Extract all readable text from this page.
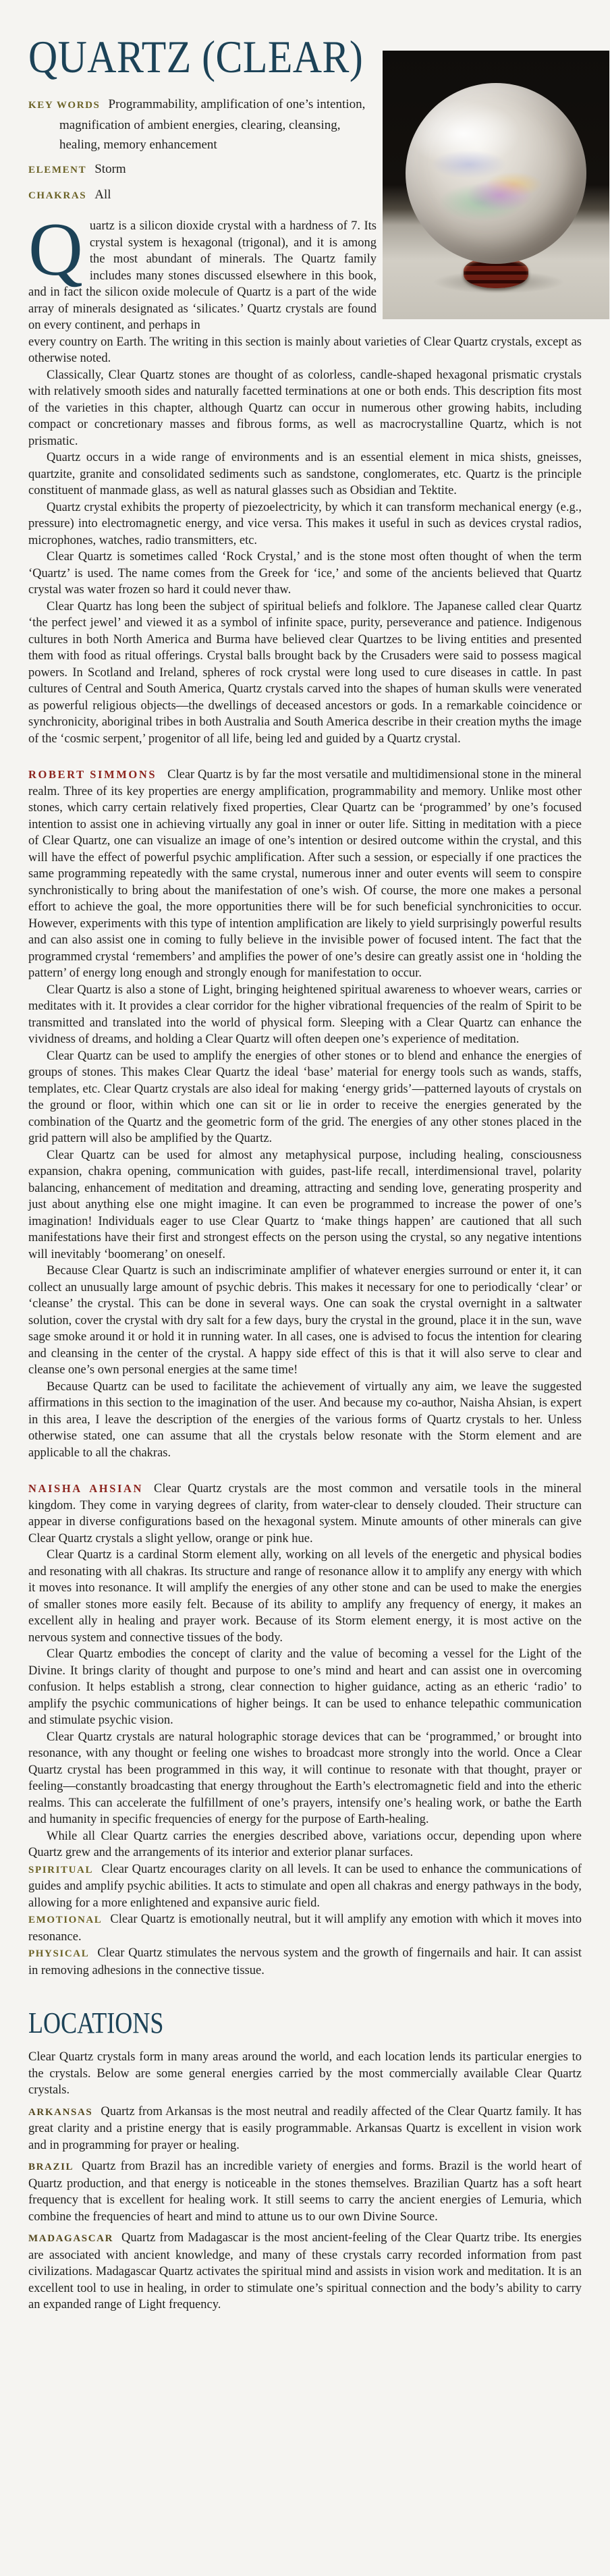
QUARTZ (CLEAR)
KEY WORDS Programmability, amplification of one’s intention, magnification of ambient energies, clearing, cleansing, healing, memory enhancement
ELEMENT Storm
CHAKRAS All

Quartz is a silicon dioxide crystal with a hardness of 7. Its crystal system is hexagonal (trigonal), and it is among the most abundant of minerals. The Quartz family includes many stones discussed elsewhere in this book, and in fact the silicon oxide molecule of Quartz is a part of the wide array of minerals designated as ‘silicates.’ Quartz crystals are found on every continent, and perhaps in

every country on Earth. The writing in this section is mainly about varieties of Clear Quartz crystals, except as otherwise noted.

Classically, Clear Quartz stones are thought of as colorless, candle-shaped hexagonal prismatic crystals with relatively smooth sides and naturally facetted terminations at one or both ends. This description fits most of the varieties in this chapter, although Quartz can occur in numerous other growing habits, including compact or concretionary masses and fibrous forms, as well as macrocrystalline Quartz, which is not prismatic.

Quartz occurs in a wide range of environments and is an essential element in mica shists, gneisses, quartzite, granite and consolidated sediments such as sandstone, conglomerates, etc. Quartz is the principle constituent of manmade glass, as well as natural glasses such as Obsidian and Tektite.

Quartz crystal exhibits the property of piezoelectricity, by which it can transform mechanical energy (e.g., pressure) into electromagnetic energy, and vice versa. This makes it useful in such as devices crystal radios, microphones, watches, radio transmitters, etc.

Clear Quartz is sometimes called ‘Rock Crystal,’ and is the stone most often thought of when the term ‘Quartz’ is used. The name comes from the Greek for ‘ice,’ and some of the ancients believed that Quartz crystal was water frozen so hard it could never thaw.

Clear Quartz has long been the subject of spiritual beliefs and folklore. The Japanese called clear Quartz ‘the perfect jewel’ and viewed it as a symbol of infinite space, purity, perseverance and patience. Indigenous cultures in both North America and Burma have believed clear Quartzes to be living entities and presented them with food as ritual offerings. Crystal balls brought back by the Crusaders were said to possess magical powers. In Scotland and Ireland, spheres of rock crystal were long used to cure diseases in cattle. In past cultures of Central and South America, Quartz crystals carved into the shapes of human skulls were venerated as powerful religious objects—the dwellings of deceased ancestors or gods. In a remarkable coincidence or synchronicity, aboriginal tribes in both Australia and South America describe in their creation myths the image of the ‘cosmic serpent,’ progenitor of all life, being led and guided by a Quartz crystal.

ROBERT SIMMONS Clear Quartz is by far the most versatile and multidimensional stone in the mineral realm. Three of its key properties are energy amplification, programmability and memory. Unlike most other stones, which carry certain relatively fixed properties, Clear Quartz can be ‘programmed’ by one’s focused intention to assist one in achieving virtually any goal in inner or outer life. Sitting in meditation with a piece of Clear Quartz, one can visualize an image of one’s intention or desired outcome within the crystal, and this will have the effect of powerful psychic amplification. After such a session, or especially if one practices the same programming repeatedly with the same crystal, numerous inner and outer events will seem to conspire synchronistically to bring about the manifestation of one’s wish. Of course, the more one makes a personal effort to achieve the goal, the more opportunities there will be for such beneficial synchronicities to occur. However, experiments with this type of intention amplification are likely to yield surprisingly powerful results and can also assist one in coming to fully believe in the invisible power of focused intent. The fact that the programmed crystal ‘remembers’ and amplifies the power of one’s desire can greatly assist one in ‘holding the pattern’ of energy long enough and strongly enough for manifestation to occur.

Clear Quartz is also a stone of Light, bringing heightened spiritual awareness to whoever wears, carries or meditates with it. It provides a clear corridor for the higher vibrational frequencies of the realm of Spirit to be transmitted and translated into the world of physical form. Sleeping with a Clear Quartz can enhance the vividness of dreams, and holding a Clear Quartz will often deepen one’s experience of meditation.

Clear Quartz can be used to amplify the energies of other stones or to blend and enhance the energies of groups of stones. This makes Clear Quartz the ideal ‘base’ material for energy tools such as wands, staffs, templates, etc. Clear Quartz crystals are also ideal for making ‘energy grids’—patterned layouts of crystals on the ground or floor, within which one can sit or lie in order to receive the energies generated by the combination of the Quartz and the geometric form of the grid. The energies of any other stones placed in the grid pattern will also be amplified by the Quartz.

Clear Quartz can be used for almost any metaphysical purpose, including healing, consciousness expansion, chakra opening, communication with guides, past-life recall, interdimensional travel, polarity balancing, enhancement of meditation and dreaming, attracting and sending love, generating prosperity and just about anything else one might imagine. It can even be programmed to increase the power of one’s imagination! Individuals eager to use Clear Quartz to ‘make things happen’ are cautioned that all such manifestations have their first and strongest effects on the person using the crystal, so any negative intentions will inevitably ‘boomerang’ on oneself.

Because Clear Quartz is such an indiscriminate amplifier of whatever energies surround or enter it, it can collect an unusually large amount of psychic debris. This makes it necessary for one to periodically ‘clear’ or ‘cleanse’ the crystal. This can be done in several ways. One can soak the crystal overnight in a saltwater solution, cover the crystal with dry salt for a few days, bury the crystal in the ground, place it in the sun, wave sage smoke around it or hold it in running water. In all cases, one is advised to focus the intention for clearing and cleansing in the center of the crystal. A happy side effect of this is that it will also serve to clear and cleanse one’s own personal energies at the same time!

Because Quartz can be used to facilitate the achievement of virtually any aim, we leave the suggested affirmations in this section to the imagination of the user. And because my co-author, Naisha Ahsian, is expert in this area, I leave the description of the energies of the various forms of Quartz crystals to her. Unless otherwise stated, one can assume that all the crystals below resonate with the Storm element and are applicable to all the chakras.

NAISHA AHSIAN Clear Quartz crystals are the most common and versatile tools in the mineral kingdom. They come in varying degrees of clarity, from water-clear to densely clouded. Their structure can appear in diverse configurations based on the hexagonal system. Minute amounts of other minerals can give Clear Quartz crystals a slight yellow, orange or pink hue.

Clear Quartz is a cardinal Storm element ally, working on all levels of the energetic and physical bodies and resonating with all chakras. Its structure and range of resonance allow it to amplify any energy with which it moves into resonance. It will amplify the energies of any other stone and can be used to make the energies of smaller stones more easily felt. Because of its ability to amplify any frequency of energy, it makes an excellent ally in healing and prayer work. Because of its Storm element energy, it is most active on the nervous system and connective tissues of the body.

Clear Quartz embodies the concept of clarity and the value of becoming a vessel for the Light of the Divine. It brings clarity of thought and purpose to one’s mind and heart and can assist one in overcoming confusion. It helps establish a strong, clear connection to higher guidance, acting as an etheric ‘radio’ to amplify the psychic communications of higher beings. It can be used to enhance telepathic communication and stimulate psychic vision.

Clear Quartz crystals are natural holographic storage devices that can be ‘programmed,’ or brought into resonance, with any thought or feeling one wishes to broadcast more strongly into the world. Once a Clear Quartz crystal has been programmed in this way, it will continue to resonate with that thought, prayer or feeling—constantly broadcasting that energy throughout the Earth’s electromagnetic field and into the etheric realms. This can accelerate the fulfillment of one’s prayers, intensify one’s healing work, or bathe the Earth and humanity in specific frequencies of energy for the purpose of Earth-healing.

While all Clear Quartz carries the energies described above, variations occur, depending upon where Quartz grew and the arrangements of its interior and exterior planar surfaces.

SPIRITUAL Clear Quartz encourages clarity on all levels. It can be used to enhance the communications of guides and amplify psychic abilities. It acts to stimulate and open all chakras and energy pathways in the body, allowing for a more enlightened and expansive auric field.

EMOTIONAL Clear Quartz is emotionally neutral, but it will amplify any emotion with which it moves into resonance.

PHYSICAL Clear Quartz stimulates the nervous system and the growth of fingernails and hair. It can assist in removing adhesions in the connective tissue.

LOCATIONS

Clear Quartz crystals form in many areas around the world, and each location lends its particular energies to the crystals. Below are some general energies carried by the most commercially available Clear Quartz crystals.

ARKANSAS Quartz from Arkansas is the most neutral and readily affected of the Clear Quartz family. It has great clarity and a pristine energy that is easily programmable. Arkansas Quartz is excellent in vision work and in programming for prayer or healing.

BRAZIL Quartz from Brazil has an incredible variety of energies and forms. Brazil is the world heart of Quartz production, and that energy is noticeable in the stones themselves. Brazilian Quartz has a soft heart frequency that is excellent for healing work. It still seems to carry the ancient energies of Lemuria, which combine the frequencies of heart and mind to attune us to our own Divine Source.

MADAGASCAR Quartz from Madagascar is the most ancient-feeling of the Clear Quartz tribe. Its energies are associated with ancient knowledge, and many of these crystals carry recorded information from past civilizations. Madagascar Quartz activates the spiritual mind and assists in vision work and meditation. It is an excellent tool to use in healing, in order to stimulate one’s spiritual connection and the body’s ability to carry an expanded range of Light frequency.
